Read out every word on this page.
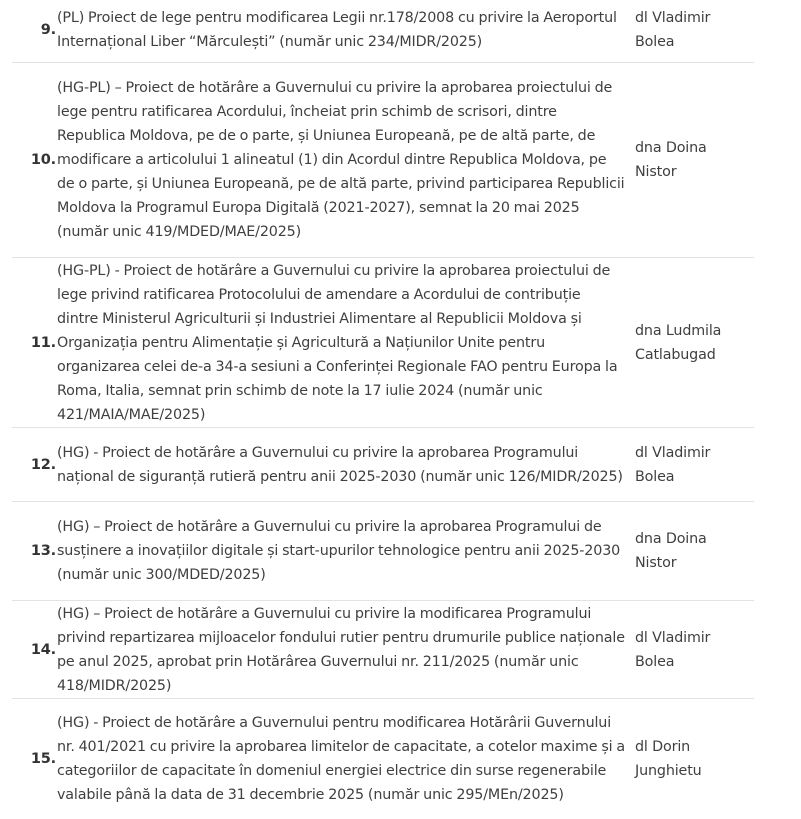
9.
(PL) Proiect de lege pentru modificarea Legii nr.178/2008 cu privire la Aeroportul Internațional Liber “Mărculești” (număr unic 234/MIDR/2025)
dl Vladimir
Bolea
10.
(HG-PL) – Proiect de hotărâre a Guvernului cu privire la aprobarea proiectului de lege pentru ratificarea Acordului, încheiat prin schimb de scrisori, dintre Republica Moldova, pe de o parte, și Uniunea Europeană, pe de altă parte, de modificare a articolului 1 alineatul (1) din Acordul dintre Republica Moldova, pe de o parte, și Uniunea Europeană, pe de altă parte, privind participarea Republicii Moldova la Programul Europa Digitală (2021-2027), semnat la 20 mai 2025 (număr unic 419/MDED/MAE/2025)
dna Doina
Nistor
11.
(HG-PL) - Proiect de hotărâre a Guvernului cu privire la aprobarea proiectului de lege privind ratificarea Protocolului de amendare a Acordului de contribuție dintre Ministerul Agriculturii și Industriei Alimentare al Republicii Moldova și Organizația pentru Alimentație și Agricultură a Națiunilor Unite pentru organizarea celei de-a 34-a sesiuni a Conferinței Regionale FAO pentru Europa la Roma, Italia, semnat prin schimb de note la 17 iulie 2024 (număr unic 421/MAIA/MAE/2025)
dna Ludmila
Catlabugad
12.
(HG) - Proiect de hotărâre a Guvernului cu privire la aprobarea Programului național de siguranță rutieră pentru anii 2025-2030 (număr unic 126/MIDR/2025)
dl Vladimir
Bolea
13.
(HG) – Proiect de hotărâre a Guvernului cu privire la aprobarea Programului de susținere a inovațiilor digitale și start-upurilor tehnologice pentru anii 2025-2030 (număr unic 300/MDED/2025)
dna Doina
Nistor
14.
(HG) – Proiect de hotărâre a Guvernului cu privire la modificarea Programului privind repartizarea mijloacelor fondului rutier pentru drumurile publice naționale pe anul 2025, aprobat prin Hotărârea Guvernului nr. 211/2025 (număr unic 418/MIDR/2025)
dl Vladimir
Bolea
15.
(HG) - Proiect de hotărâre a Guvernului pentru modificarea Hotărârii Guvernului nr. 401/2021 cu privire la aprobarea limitelor de capacitate, a cotelor maxime și a categoriilor de capacitate în domeniul energiei electrice din surse regenerabile valabile până la data de 31 decembrie 2025 (număr unic 295/MEn/2025)
dl Dorin
Junghietu
